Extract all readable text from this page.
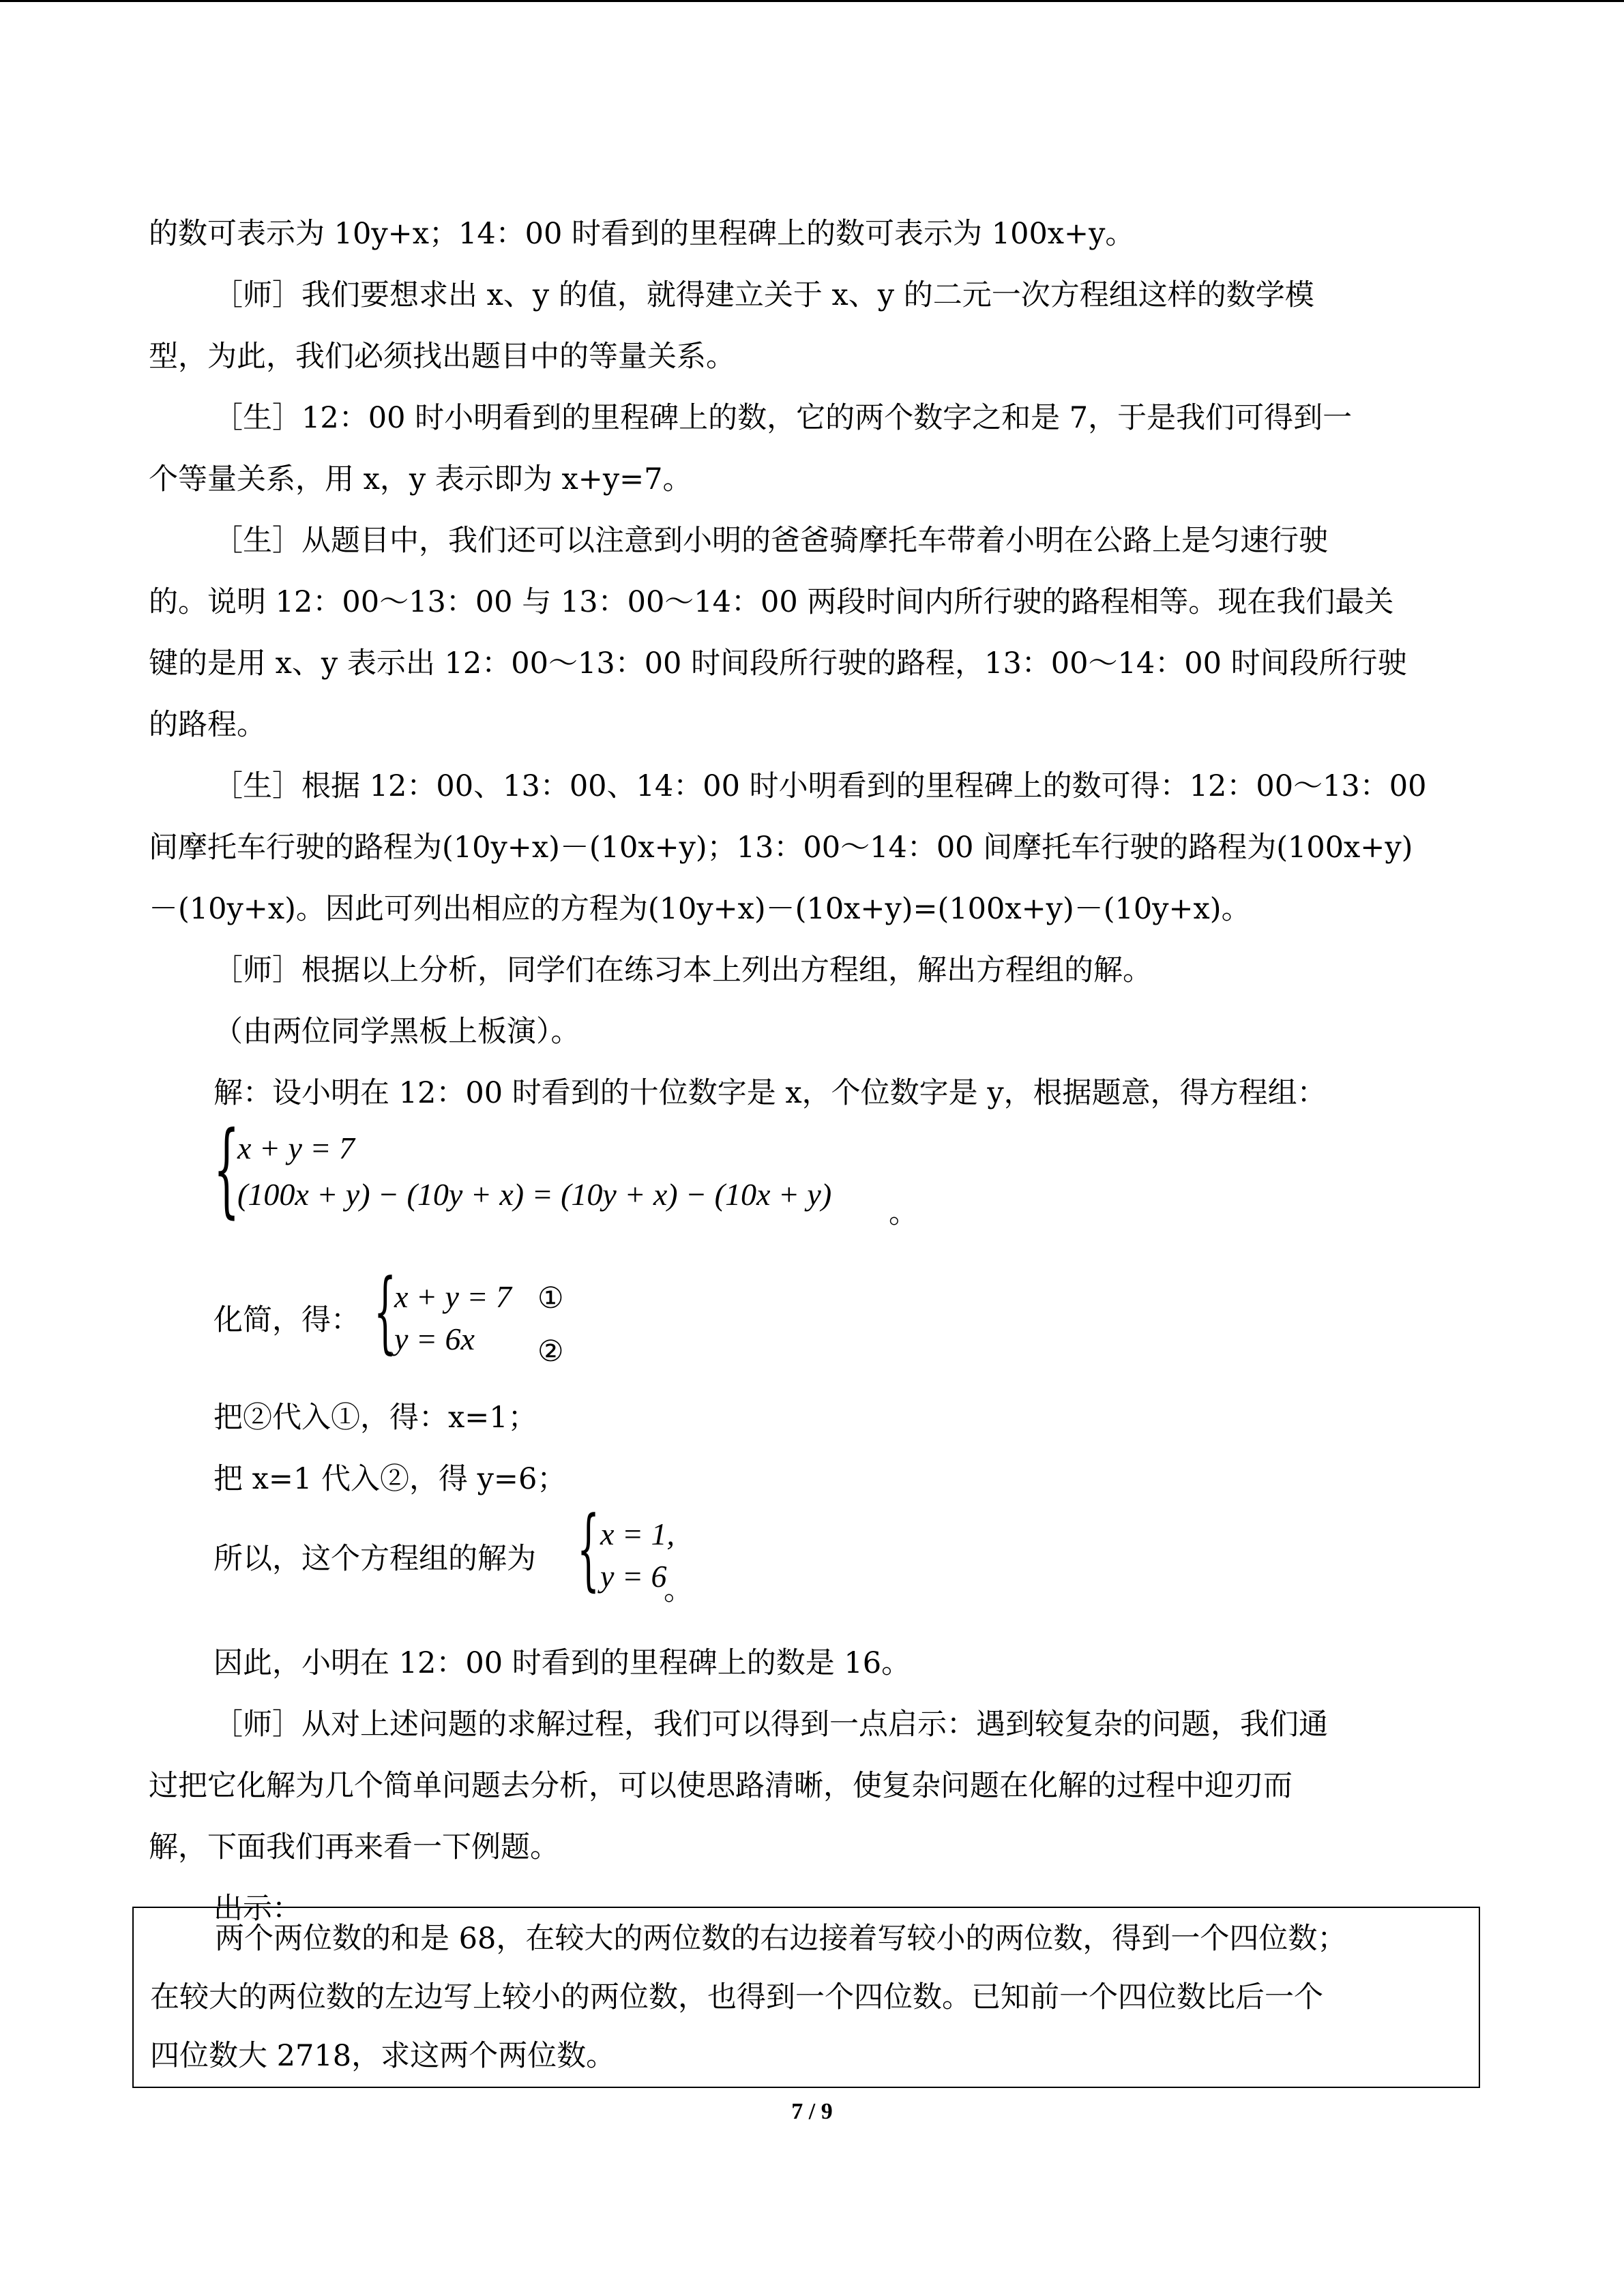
的数可表示为 10y+x；14：00 时看到的里程碑上的数可表示为 100x+y。

［师］我们要想求出 x、y 的值，就得建立关于 x、y 的二元一次方程组这样的数学模

型，为此，我们必须找出题目中的等量关系。

［生］12：00 时小明看到的里程碑上的数，它的两个数字之和是 7，于是我们可得到一

个等量关系，用 x，y 表示即为 x+y=7。

［生］从题目中，我们还可以注意到小明的爸爸骑摩托车带着小明在公路上是匀速行驶

的。说明 12：00～13：00 与 13：00～14：00 两段时间内所行驶的路程相等。现在我们最关

键的是用 x、y 表示出 12：00～13：00 时间段所行驶的路程，13：00～14：00 时间段所行驶

的路程。

［生］根据 12：00、13：00、14：00 时小明看到的里程碑上的数可得：12：00～13：00

间摩托车行驶的路程为(10y+x)－(10x+y)；13：00～14：00 间摩托车行驶的路程为(100x+y)

－(10y+x)。因此可列出相应的方程为(10y+x)－(10x+y)=(100x+y)－(10y+x)。

［师］根据以上分析，同学们在练习本上列出方程组，解出方程组的解。

（由两位同学黑板上板演）。

解：设小明在 12：00 时看到的十位数字是 x，个位数字是 y，根据题意，得方程组：

{
x + y = 7
(100x + y) − (10y + x) = (10y + x) − (10x + y)
。
化简，得： {
x + y = 7
y = 6x
①
②

把②代入①，得：x=1；

把 x=1 代入②，得 y=6；

所以，这个方程组的解为 { x = 1,
y = 6
。

因此，小明在 12：00 时看到的里程碑上的数是 16。

［师］从对上述问题的求解过程，我们可以得到一点启示：遇到较复杂的问题，我们通

过把它化解为几个简单问题去分析，可以使思路清晰，使复杂问题在化解的过程中迎刃而

解，下面我们再来看一下例题。

出示：

两个两位数的和是 68，在较大的两位数的右边接着写较小的两位数，得到一个四位数；

在较大的两位数的左边写上较小的两位数，也得到一个四位数。已知前一个四位数比后一个

四位数大 2718，求这两个两位数。

7 / 9
